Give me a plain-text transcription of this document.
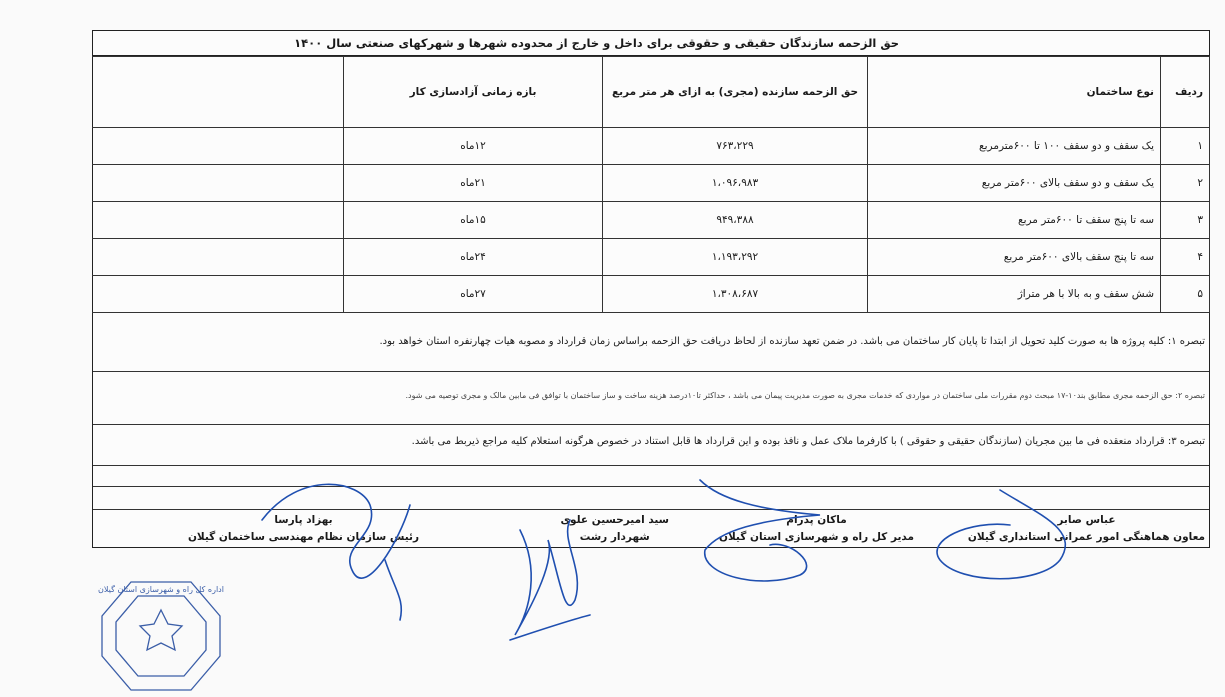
حق الزحمه سازندگان حقیقی و حقوقی برای داخل و خارج از محدوده شهرها و شهرکهای صنعتی سال ۱۴۰۰
ردیف	نوع ساختمان	حق الزحمه سازنده (مجری) به ازای هر متر مربع	بازه زمانی آزادسازی کار	
۱	یک سقف و دو سقف ۱۰۰ تا ۶۰۰مترمربع	۷۶۳،۲۲۹	۱۲ماه	
۲	یک سقف و دو سقف بالای ۶۰۰متر مربع	۱،۰۹۶،۹۸۳	۲۱ماه	
۳	سه تا پنج سقف تا ۶۰۰متر مربع	۹۴۹،۳۸۸	۱۵ماه	
۴	سه تا پنج سقف بالای ۶۰۰متر مربع	۱،۱۹۳،۲۹۲	۲۴ماه	
۵	شش سقف و به بالا با هر متراژ	۱،۳۰۸،۶۸۷	۲۷ماه	
تبصره ۱: کلیه پروژه ها به صورت کلید تحویل از ابتدا تا پایان کار ساختمان می باشد. در ضمن تعهد سازنده از لحاظ دریافت حق الزحمه براساس زمان قرارداد و مصوبه هیات چهارنفره استان خواهد بود.
تبصره ۲: حق الزحمه مجری مطابق بند۱۰-۱۷ مبحث دوم مقررات ملی ساختمان در مواردی که خدمات مجری به صورت مدیریت پیمان می باشد ، حداکثر تا۱۰درصد هزینه ساخت و ساز ساختمان با توافق فی مابین مالک و مجری توصیه می شود.
تبصره ۳: قرارداد منعقده فی ما بین مجریان (سازندگان حقیقی و حقوقی ) با کارفرما ملاک عمل و نافذ بوده و این قرارداد ها قابل استناد در خصوص هرگونه استعلام کلیه مراجع ذیربط می باشد.
عباس صابر
معاون هماهنگی امور عمرانی استانداری گیلان
ماکان پدرام
مدیر کل راه و شهرسازی استان گیلان
سید امیرحسین علوی
شهردار رشت
بهزاد پارسا
رئیس سازمان نظام مهندسی ساختمان گیلان
اداره کل راه و شهرسازی استان گیلان
